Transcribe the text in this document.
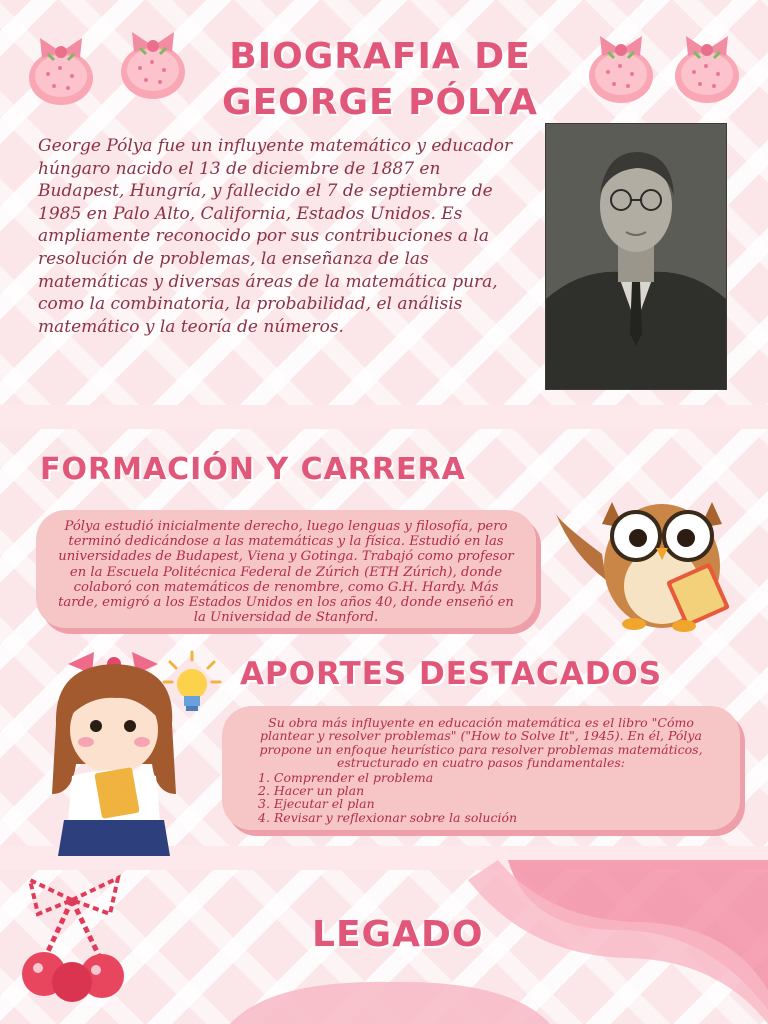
BIOGRAFIA DE GEORGE PÓLYA
George Pólya fue un influyente matemático y educador húngaro nacido el 13 de diciembre de 1887 en Budapest, Hungría, y fallecido el 7 de septiembre de 1985 en Palo Alto, California, Estados Unidos. Es ampliamente reconocido por sus contribuciones a la resolución de problemas, la enseñanza de las matemáticas y diversas áreas de la matemática pura, como la combinatoria, la probabilidad, el análisis matemático y la teoría de números.
FORMACIÓN Y CARRERA
Pólya estudió inicialmente derecho, luego lenguas y filosofía, pero terminó dedicándose a las matemáticas y la física. Estudió en las universidades de Budapest, Viena y Gotinga. Trabajó como profesor en la Escuela Politécnica Federal de Zúrich (ETH Zúrich), donde colaboró con matemáticos de renombre, como G.H. Hardy. Más tarde, emigró a los Estados Unidos en los años 40, donde enseñó en la Universidad de Stanford.
APORTES DESTACADOS
Su obra más influyente en educación matemática es el libro "Cómo plantear y resolver problemas" ("How to Solve It", 1945). En él, Pólya propone un enfoque heurístico para resolver problemas matemáticos, estructurado en cuatro pasos fundamentales:
1. Comprender el problema
2. Hacer un plan
3. Ejecutar el plan
4. Revisar y reflexionar sobre la solución
LEGADO
